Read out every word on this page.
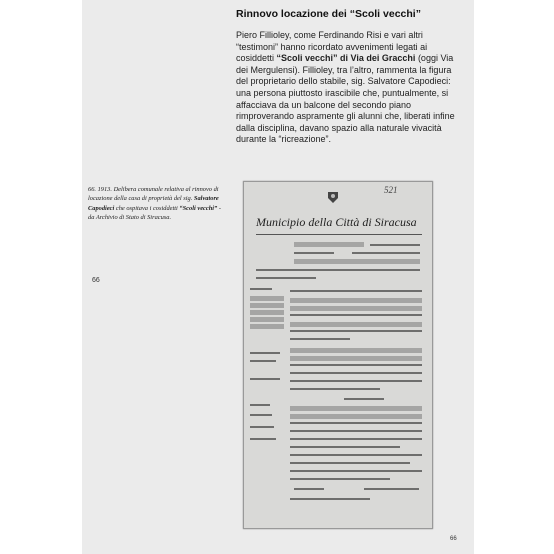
Rinnovo locazione dei “Scoli vecchi”

Piero Fillioley, come Ferdinando Risi e vari altri “testimoni” hanno ricordato avvenimenti legati ai cosiddetti “Scoli vecchi” di Via dei Gracchi (oggi Via dei Mergulensi). Fillioley, tra l’altro, rammenta la figura del proprietario dello stabile, sig. Salvatore Capodieci: una persona piuttosto irascibile che, puntualmente, si affacciava da un balcone del secondo piano rimproverando aspramente gli alunni che, liberati infine dalla disciplina, davano spazio alla naturale vivacità durante la “ricreazione”.

66. 1913. Delibera comunale relativa al rinnovo di locazione della casa di proprietà del sig. Salvatore Capodieci che ospitava i cosiddetti “Scoli vecchi” - da Archivio di Stato di Siracusa.
66
66
521
Municipio della Città di Siracusa
